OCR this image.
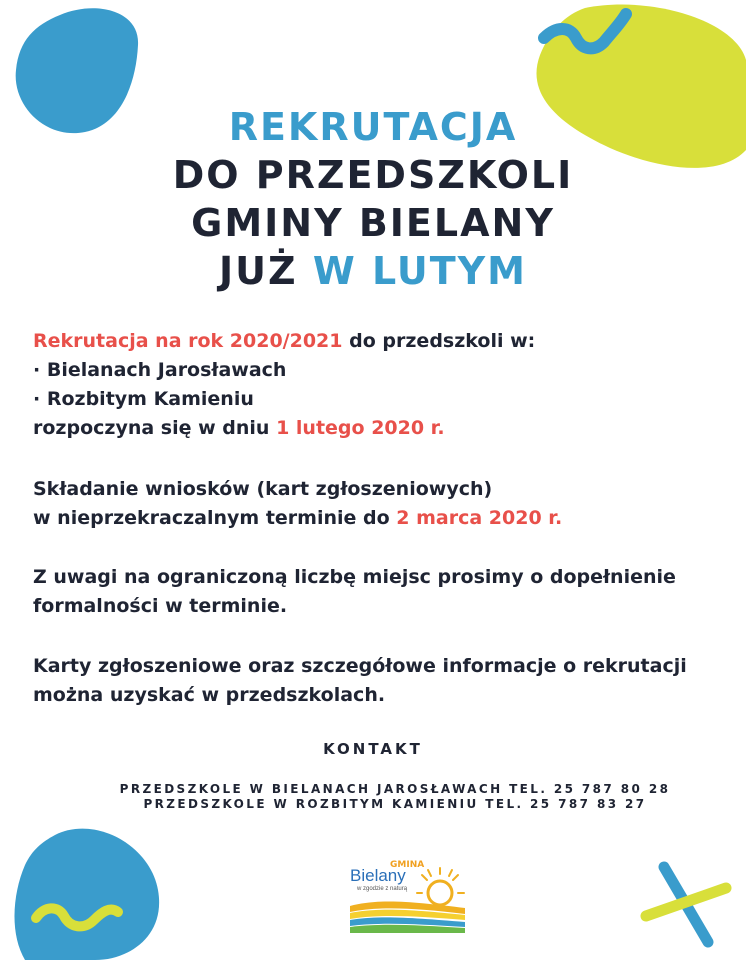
REKRUTACJA
DO PRZEDSZKOLI
GMINY BIELANY
JUŻ W LUTYM
Rekrutacja na rok 2020/2021 do przedszkoli w:
· Bielanach Jarosławach
· Rozbitym Kamieniu
rozpoczyna się w dniu 1 lutego 2020 r.
Składanie wniosków (kart zgłoszeniowych)
w nieprzekraczalnym terminie do 2 marca 2020 r.
Z uwagi na ograniczoną liczbę miejsc prosimy o dopełnienie
formalności w terminie.
Karty zgłoszeniowe oraz szczegółowe informacje o rekrutacji
można uzyskać w przedszkolach.
KONTAKT
PRZEDSZKOLE W BIELANACH JAROSŁAWACH TEL. 25 787 80 28
PRZEDSZKOLE W ROZBITYM KAMIENIU TEL. 25 787 83 27
GMINA
Bielany
w zgodzie z naturą
